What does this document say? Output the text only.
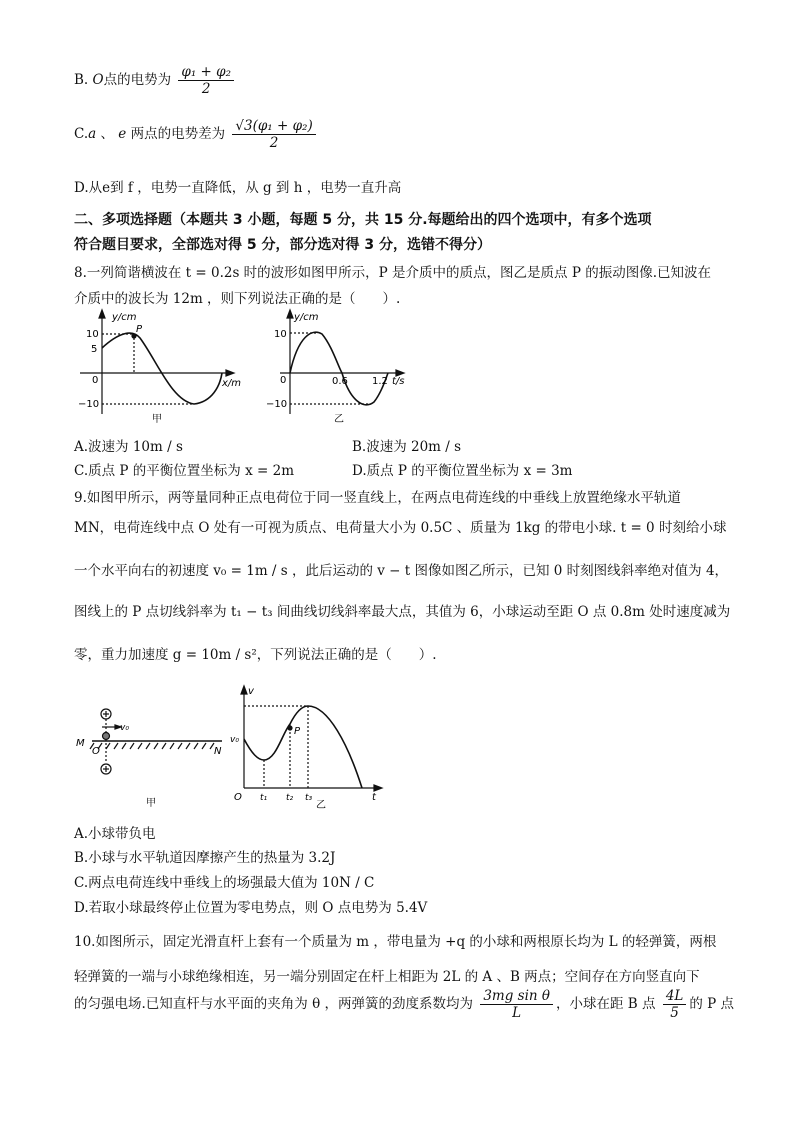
B. O点的电势为 $\frac{\text{φ₁ + φ₂}}{2}$
C.a 、 e 两点的电势差为 $\frac{\text{√3(φ₁ + φ₂)}}{2}$
D.从e到 f ，电势一直降低，从 g 到 h ，电势一直升高
二、多项选择题（本题共 3 小题，每题 5 分，共 15 分.每题给出的四个选项中，有多个选项
符合题目要求，全部选对得 5 分，部分选对得 3 分，选错不得分）
8.一列简谐横波在 t = 0.2s 时的波形如图甲所示，P 是介质中的质点，图乙是质点 P 的振动图像.已知波在
介质中的波长为 12m ，则下列说法正确的是（　　）.
y/cm
P
10
5
0
−10
x/m
甲
y/cm
10
0
−10
0.6 1.2 t/s
乙
A.波速为 10m / s	B.波速为 20m / s
C.质点 P 的平衡位置坐标为 x = 2m	D.质点 P 的平衡位置坐标为 x = 3m
9.如图甲所示，两等量同种正点电荷位于同一竖直线上，在两点电荷连线的中垂线上放置绝缘水平轨道
MN，电荷连线中点 O 处有一可视为质点、电荷量大小为 0.5C 、质量为 1kg 的带电小球. t = 0 时刻给小球
一个水平向右的初速度 v₀ = 1m / s ，此后运动的 v − t 图像如图乙所示，已知 0 时刻图线斜率绝对值为 4，
图线上的 P 点切线斜率为 t₁ − t₃ 间曲线切线斜率最大点，其值为 6，小球运动至距 O 点 0.8m 处时速度减为
零，重力加速度 g = 10m / s²，下列说法正确的是（　　）.
v₀
M
N
O
甲
v
v₀
P
O t₁ t₂ t₃	t
乙
A.小球带负电
B.小球与水平轨道因摩擦产生的热量为 3.2J
C.两点电荷连线中垂线上的场强最大值为 10N / C
D.若取小球最终停止位置为零电势点，则 O 点电势为 5.4V
10.如图所示，固定光滑直杆上套有一个质量为 m ，带电量为 +q 的小球和两根原长均为 L 的轻弹簧，两根
轻弹簧的一端与小球绝缘相连，另一端分别固定在杆上相距为 2L 的 A 、B 两点；空间存在方向竖直向下
的匀强电场.已知直杆与水平面的夹角为 θ ，两弹簧的劲度系数均为 $\frac{\text{3mg sin θ}}{L}$ ，小球在距 B 点 $\frac{4L}{5}$ 的 P 点
